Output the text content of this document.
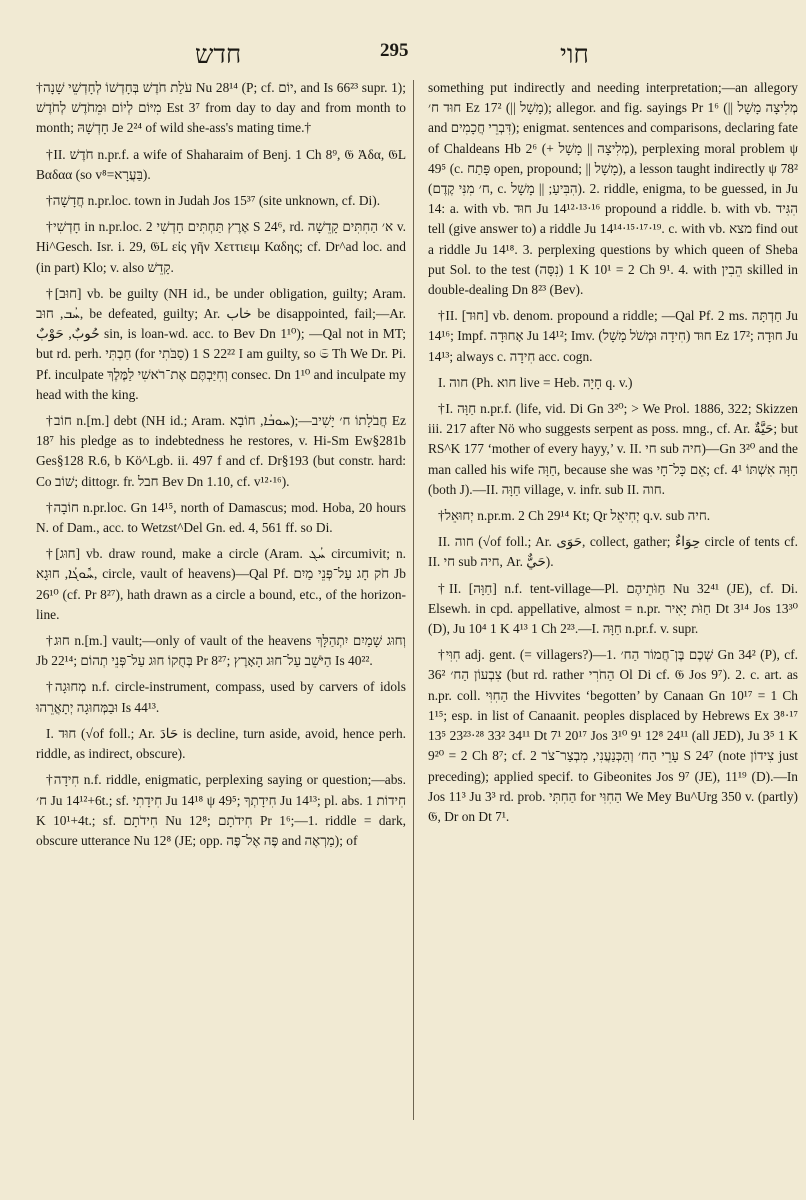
חדש	295	חוי

†עֹלַת חֹדֶשׁ בְּחָדְשׁוֹ לְחָדְשֵׁי שָׁנָה Nu 28¹⁴ (P; cf. יוֹם, and Is 66²³ supr. 1); מִיּוֹם לְיוֹם וּמֵחֹדֶשׁ לְחֹדֶשׁ Est 3⁷ from day to day and from month to month; חָדְשָׁהּ Je 2²⁴ of wild she-ass's mating time.†

†II. חֹדֶשׁ n.pr.f. a wife of Shaharaim of Benj. 1 Ch 8⁹, 𝔊 Ἀδα, 𝔊L Βαδαα (so v⁸=בַּעֲרָא).

†חֲדָשָׁה n.pr.loc. town in Judah Jos 15³⁷ (site unknown, cf. Di).

†חָדְשִׁי in n.pr.loc. אֶרֶץ תַּחְתִּים חָדְשִׁי 2 S 24⁶, rd. א׳ הַחִתִּים קָדֵשָׁה v. Hi^Gesch. Isr. i. 29, 𝔊L εἰς γῆν Χεττιειμ Καδης; cf. Dr^ad loc. and (in part) Klo; v. also קָדֵשׁ.

†[חוּב] vb. be guilty (NH id., be under obligation, guilty; Aram. ܚܳܒ, חוּב, be defeated, guilty; Ar. خاب be disappointed, fail;—Ar. حُوبٌ, حَوْبٌ sin, is loan-wd. acc. to Bev Dn 1¹⁰); —Qal not in MT; but rd. perh. חַבְתִּי (for סַבֹּתִי) 1 S 22²² I am guilty, so 𝔖 Th We Dr. Pi. Pf. inculpate וְחִיַּבְתֶּם אֶת־רֹאשִׁי לַמֶּלֶךְ consec. Dn 1¹⁰ and inculpate my head with the king.

†חוֹב n.[m.] debt (NH id.; Aram. ܚܘܒܳܐ, חוֹבָא);—חֲבֹלָתוֹ ח׳ יָשִׁיב Ez 18⁷ his pledge as to indebtedness he restores, v. Hi-Sm Ew§281b Ges§128 R.6, b Kö^Lgb. ii. 497 f and cf. Dr§193 (but constr. hard: Co שׁוֹב; dittogr. fr. חבל Bev Dn 1.10, cf. v¹²·¹⁶).

†חוֹבָה n.pr.loc. Gn 14¹⁵, north of Damascus; mod. Hoba, 20 hours N. of Dam., acc. to Wetzst^Del Gn. ed. 4, 561 ff. so Di.

†[חוּג] vb. draw round, make a circle (Aram. ܚܳܓ circumivit; n. ܚܽܘܓܳܐ, חוּגָא, circle, vault of heavens)—Qal Pf. חֹק חָג עַל־פְּנֵי מַיִם Jb 26¹⁰ (cf. Pr 8²⁷), hath drawn as a circle a bound, etc., of the horizon-line.

†חוּג n.[m.] vault;—only of vault of the heavens וְחוּג שָׁמַיִם יִתְהַלָּךְ Jb 22¹⁴; בְּחֻקוֹ חוּג עַל־פְּנֵי תְהוֹם Pr 8²⁷; הַיֹּשֵׁב עַל־חוּג הָאָרֶץ Is 40²².

†מְחוּגָה n.f. circle-instrument, compass, used by carvers of idols וּבַמְּחוּגָה יְתָאֳרֵהוּ Is 44¹³.

I. חוּד (√of foll.; Ar. حَادَ is decline, turn aside, avoid, hence perh. riddle, as indirect, obscure).

†חִידָה n.f. riddle, enigmatic, perplexing saying or question;—abs. ח׳ Ju 14¹²+6t.; sf. חִידָתִי Ju 14¹⁸ ψ 49⁵; חִידָתְךָ Ju 14¹³; pl. abs. חִידוֹת 1 K 10¹+4t.; sf. חִידֹתָם Nu 12⁸; חִידֹתָם Pr 1⁶;—1. riddle = dark, obscure utterance Nu 12⁸ (JE; opp. פֶּה אֶל־פֶּה and מַרְאֶה); of

something put indirectly and needing interpretation;—an allegory חוּד ח׳ Ez 17² (|| מָשָׁל); allegor. and fig. sayings Pr 1⁶ (|| מְלִיצָה מָשָׁל and דִּבְרֵי חֲכָמִים); enigmat. sentences and comparisons, declaring fate of Chaldeans Hb 2⁶ (+ מְלִיצָה || מָשָׁל), perplexing moral problem ψ 49⁵ (c. פָּתַח open, propound; || מָשָׁל), a lesson taught indirectly ψ 78² (ח׳ מִנִּי קֶדֶם, c. הִבִּיעַ; || מָשָׁל). 2. riddle, enigma, to be guessed, in Ju 14: a. with vb. חוּד Ju 14¹²·¹³·¹⁶ propound a riddle. b. with vb. הִגִּיד tell (give answer to) a riddle Ju 14¹⁴·¹⁵·¹⁷·¹⁹. c. with vb. מצא find out a riddle Ju 14¹⁸. 3. perplexing questions by which queen of Sheba put Sol. to the test (נִסָּה) 1 K 10¹ = 2 Ch 9¹. 4. with הֵבִין skilled in double-dealing Dn 8²³ (Bev).

†II. [חוּד] vb. denom. propound a riddle; —Qal Pf. 2 ms. חַדְתָּה Ju 14¹⁶; Impf. אָחוּדָה Ju 14¹²; Imv. חוּד (חִידָה וּמְשֹׁל מָשָׁל) Ez 17²; חוּדָה Ju 14¹³; always c. חִידָה acc. cogn.

I. חוה (Ph. חוא live = Heb. חָיָה q. v.)

†I. חַוָּה n.pr.f. (life, vid. Di Gn 3²⁰; > We Prol. 1886, 322; Skizzen iii. 217 after Nö who suggests serpent as poss. mng., cf. Ar. حَيَّةٌ; but RS^K 177 ‘mother of every hayy,’ v. II. חי sub חיה)—Gn 3²⁰ and the man called his wife חַוָּה, because she was אֵם כָּל־חָי; cf. חַוָּה אִשְׁתּוֹ 4¹ (both J).—II. חַוָּה village, v. infr. sub II. חוה.

†יְחוּאֵל n.pr.m. 2 Ch 29¹⁴ Kt; Qr יְחִיאֵל q.v. sub חיה.

II. חוה (√of foll.; Ar. حَوَى, collect, gather; حِوَاءٌ circle of tents cf. II. חי sub חיה, Ar. حَيٌّ).

†II. [חַוָּה] n.f. tent-village—Pl. חַוֹּתֵיהֶם Nu 32⁴¹ (JE), cf. Di. Elsewh. in cpd. appellative, almost = n.pr. חַוֹּת יָאִיר Dt 3¹⁴ Jos 13³⁰ (D), Ju 10⁴ 1 K 4¹³ 1 Ch 2²³.—I. חַוָּה n.pr.f. v. supr.

†חִוִּי adj. gent. (= villagers?)—1. שְׁכֶם בֶּן־חֲמוֹר הַח׳ Gn 34² (P), cf. צִבְעוֹן הַח׳ 36² (but rd. rather הַחֹרִי Ol Di cf. 𝔊 Jos 9⁷). 2. c. art. as n.pr. coll. הַחִוִּי the Hivvites ‘begotten’ by Canaan Gn 10¹⁷ = 1 Ch 1¹⁵; esp. in list of Canaanit. peoples displaced by Hebrews Ex 3⁸·¹⁷ 13⁵ 23²³·²⁸ 33² 34¹¹ Dt 7¹ 20¹⁷ Jos 3¹⁰ 9¹ 12⁸ 24¹¹ (all JED), Ju 3⁵ 1 K 9²⁰ = 2 Ch 8⁷; cf. עָרֵי הַח׳ וְהַכְּנַעֲנִי, מִבְצַר־צֹר 2 S 24⁷ (note צִידוֹן just preceding); applied specif. to Gibeonites Jos 9⁷ (JE), 11¹⁹ (D).—In Jos 11³ Ju 3³ rd. prob. הַחִתִּי for הַחִוִּי We Mey Bu^Urg 350 v. (partly) 𝔊, Dr on Dt 7¹.
